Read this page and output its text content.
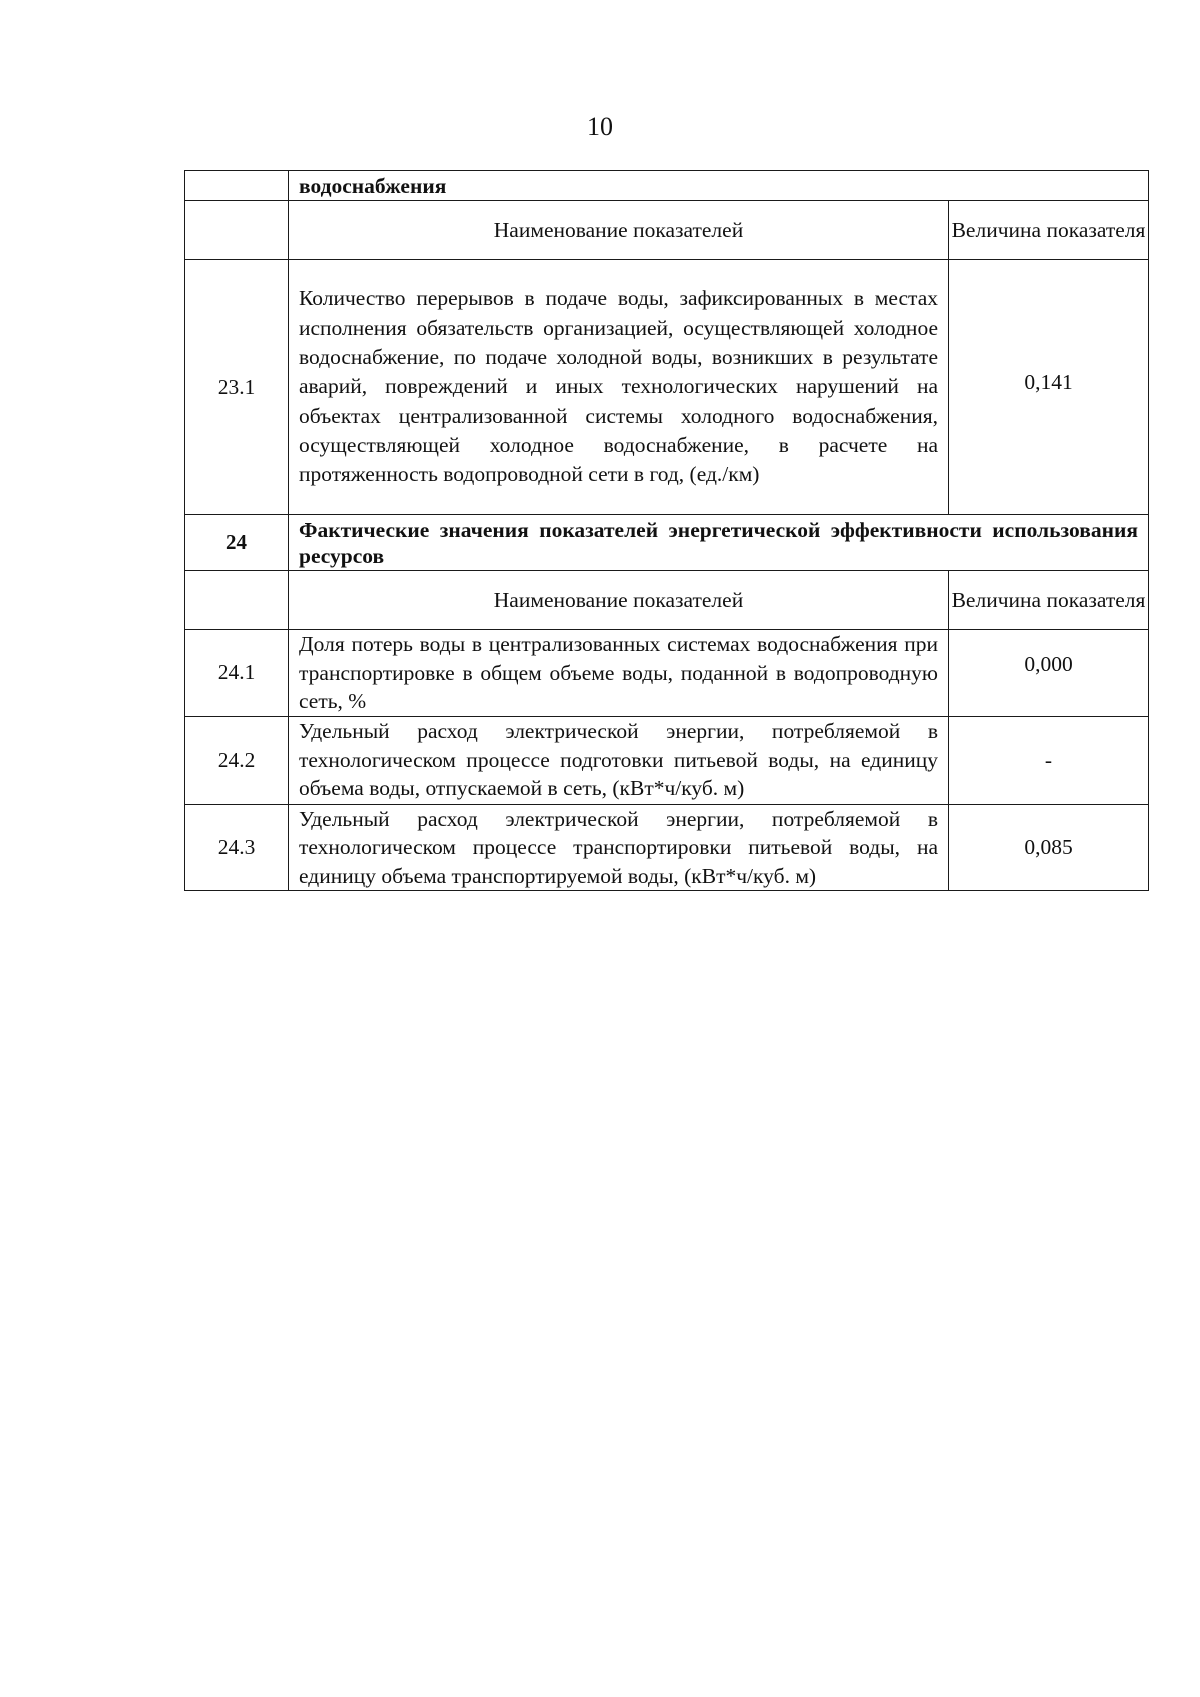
10
	водоснабжения	
	Наименование показателей	Величина показателя
23.1	Количество перерывов в подаче воды, зафиксированных в местах исполнения обязательств организацией, осуществляющей холодное водоснабжение, по подаче холодной воды, возникших в результате аварий, повреждений и иных технологических нарушений на объектах централизованной системы холодного водоснабжения, осуществляющей холодное водоснабжение, в расчете на протяженность водопроводной сети в год, (ед./км)	0,141
24	Фактические значения показателей энергетической эффективности использования ресурсов	
	Наименование показателей	Величина показателя
24.1	Доля потерь воды в централизованных системах водоснабжения при транспортировке в общем объеме воды, поданной в водопроводную сеть, %	0,000
24.2	Удельный расход электрической энергии, потребляемой в технологическом процессе подготовки питьевой воды, на единицу объема воды, отпускаемой в сеть, (кВт*ч/куб. м)	-
24.3	Удельный расход электрической энергии, потребляемой в технологическом процессе транспортировки питьевой воды, на единицу объема транспортируемой воды, (кВт*ч/куб. м)	0,085
